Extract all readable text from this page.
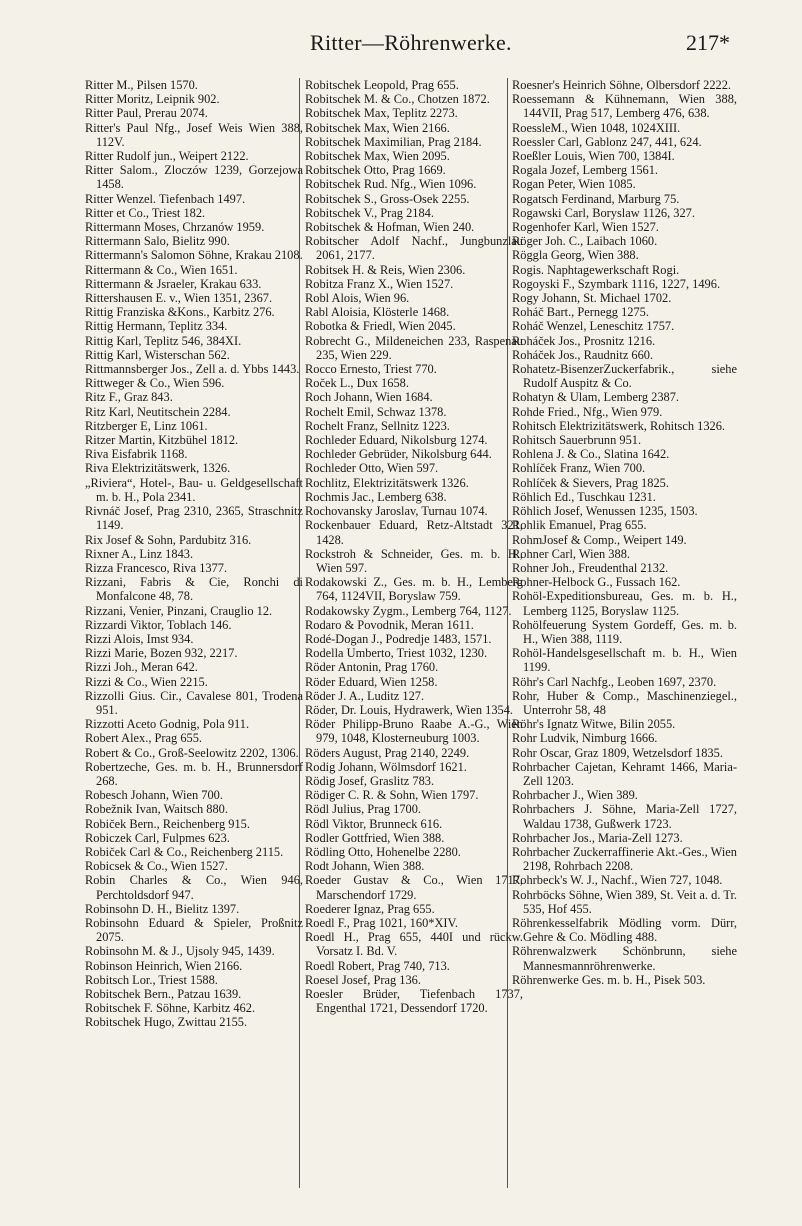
Ritter—Röhrenwerke.	217*

Ritter M., Pilsen 1570.

Ritter Moritz, Leipnik 902.

Ritter Paul, Prerau 2074.

Ritter's Paul Nfg., Josef Weis Wien 388, 112V.

Ritter Rudolf jun., Weipert 2122.

Ritter Salom., Zloczów 1239, Gorzejowa 1458.

Ritter Wenzel. Tiefenbach 1497.

Ritter et Co., Triest 182.

Rittermann Moses, Chrzanów 1959.

Rittermann Salo, Bielitz 990.

Rittermann's Salomon Söhne, Krakau 2108.

Rittermann & Co., Wien 1651.

Rittermann & Jsraeler, Krakau 633.

Rittershausen E. v., Wien 1351, 2367.

Rittig Franziska &Kons., Karbitz 276.

Rittig Hermann, Teplitz 334.

Rittig Karl, Teplitz 546, 384XI.

Rittig Karl, Wisterschan 562.

Rittmannsberger Jos., Zell a. d. Ybbs 1443.

Rittweger & Co., Wien 596.

Ritz F., Graz 843.

Ritz Karl, Neutitschein 2284.

Ritzberger E, Linz 1061.

Ritzer Martin, Kitzbühel 1812.

Riva Eisfabrik 1168.

Riva Elektrizitätswerk, 1326.

„Riviera“, Hotel-, Bau- u. Geldgesellschaft m. b. H., Pola 2341.

Rivnáč Josef, Prag 2310, 2365, Straschnitz 1149.

Rix Josef & Sohn, Pardubitz 316.

Rixner A., Linz 1843.

Rizza Francesco, Riva 1377.

Rizzani, Fabris & Cie, Ronchi di Monfalcone 48, 78.

Rizzani, Venier, Pinzani, Crauglio 12.

Rizzardi Viktor, Toblach 146.

Rizzi Alois, Imst 934.

Rizzi Marie, Bozen 932, 2217.

Rizzi Joh., Meran 642.

Rizzi & Co., Wien 2215.

Rizzolli Gius. Cir., Cavalese 801, Trodena 951.

Rizzotti Aceto Godnig, Pola 911.

Robert Alex., Prag 655.

Robert & Co., Groß-Seelowitz 2202, 1306.

Robertzeche, Ges. m. b. H., Brunnersdorf 268.

Robesch Johann, Wien 700.

Robežnik Ivan, Waitsch 880.

Robiček Bern., Reichenberg 915.

Robiczek Carl, Fulpmes 623.

Robiček Carl & Co., Reichenberg 2115.

Robicsek & Co., Wien 1527.

Robin Charles & Co., Wien 946, Perchtoldsdorf 947.

Robinsohn D. H., Bielitz 1397.

Robinsohn Eduard & Spieler, Proßnitz 2075.

Robinsohn M. & J., Ujsoly 945, 1439.

Robinson Heinrich, Wien 2166.

Robitsch Lor., Triest 1588.

Robitschek Bern., Patzau 1639.

Robitschek F. Söhne, Karbitz 462.

Robitschek Hugo, Zwittau 2155.

Robitschek Leopold, Prag 655.

Robitschek M. & Co., Chotzen 1872.

Robitschek Max, Teplitz 2273.

Robitschek Max, Wien 2166.

Robitschek Maximilian, Prag 2184.

Robitschek Max, Wien 2095.

Robitschek Otto, Prag 1669.

Robitschek Rud. Nfg., Wien 1096.

Robitschek S., Gross-Osek 2255.

Robitschek V., Prag 2184.

Robitschek & Hofman, Wien 240.

Robitscher Adolf Nachf., Jungbunzlau 2061, 2177.

Robitsek H. & Reis, Wien 2306.

Robitza Franz X., Wien 1527.

Robl Alois, Wien 96.

Rabl Aloisia, Klösterle 1468.

Robotka & Friedl, Wien 2045.

Robrecht G., Mildeneichen 233, Raspenau 235, Wien 229.

Rocco Ernesto, Triest 770.

Roček L., Dux 1658.

Roch Johann, Wien 1684.

Rochelt Emil, Schwaz 1378.

Rochelt Franz, Sellnitz 1223.

Rochleder Eduard, Nikolsburg 1274.

Rochleder Gebrüder, Nikolsburg 644.

Rochleder Otto, Wien 597.

Rochlitz, Elektrizitätswerk 1326.

Rochmis Jac., Lemberg 638.

Rochovansky Jaroslav, Turnau 1074.

Rockenbauer Eduard, Retz-Altstadt 321, 1428.

Rockstroh & Schneider, Ges. m. b. H., Wien 597.

Rodakowski Z., Ges. m. b. H., Lemberg 764, 1124VII, Boryslaw 759.

Rodakowsky Zygm., Lemberg 764, 1127.

Rodaro & Povodnik, Meran 1611.

Rodé-Dogan J., Podredje 1483, 1571.

Rodella Umberto, Triest 1032, 1230.

Röder Antonin, Prag 1760.

Röder Eduard, Wien 1258.

Röder J. A., Luditz 127.

Röder, Dr. Louis, Hydrawerk, Wien 1354.

Röder Philipp-Bruno Raabe A.-G., Wien 979, 1048, Klosterneuburg 1003.

Röders August, Prag 2140, 2249.

Rodig Johann, Wölmsdorf 1621.

Rödig Josef, Graslitz 783.

Rödiger C. R. & Sohn, Wien 1797.

Rödl Julius, Prag 1700.

Rödl Viktor, Brunneck 616.

Rodler Gottfried, Wien 388.

Rödling Otto, Hohenelbe 2280.

Rodt Johann, Wien 388.

Roeder Gustav & Co., Wien 1717, Marschendorf 1729.

Roederer Ignaz, Prag 655.

Roedl F., Prag 1021, 160*XIV.

Roedl H., Prag 655, 440I und rückw. Vorsatz I. Bd. V.

Roedl Robert, Prag 740, 713.

Roesel Josef, Prag 136.

Roesler Brüder, Tiefenbach 1737, Engenthal 1721, Dessendorf 1720.

Roesner's Heinrich Söhne, Olbersdorf 2222.

Roessemann & Kühnemann, Wien 388, 144VII, Prag 517, Lemberg 476, 638.

RoessleM., Wien 1048, 1024XIII.

Roessler Carl, Gablonz 247, 441, 624.

Roeßler Louis, Wien 700, 1384I.

Rogala Jozef, Lemberg 1561.

Rogan Peter, Wien 1085.

Rogatsch Ferdinand, Marburg 75.

Rogawski Carl, Boryslaw 1126, 327.

Rogenhofer Karl, Wien 1527.

Röger Joh. C., Laibach 1060.

Röggla Georg, Wien 388.

Rogis. Naphtagewerkschaft Rogi.

Rogoyski F., Szymbark 1116, 1227, 1496.

Rogy Johann, St. Michael 1702.

Roháč Bart., Pernegg 1275.

Roháč Wenzel, Leneschitz 1757.

Roháček Jos., Prosnitz 1216.

Roháček Jos., Raudnitz 660.

Rohatetz-BisenzerZuckerfabrik., siehe Rudolf Auspitz & Co.

Rohatyn & Ulam, Lemberg 2387.

Rohde Fried., Nfg., Wien 979.

Rohitsch Elektrizitätswerk, Rohitsch 1326.

Rohitsch Sauerbrunn 951.

Rohlena J. & Co., Slatina 1642.

Rohlíček Franz, Wien 700.

Rohlíček & Sievers, Prag 1825.

Röhlich Ed., Tuschkau 1231.

Röhlich Josef, Wenussen 1235, 1503.

Rohlik Emanuel, Prag 655.

RohmJosef & Comp., Weipert 149.

Rohner Carl, Wien 388.

Rohner Joh., Freudenthal 2132.

Rohner-Helbock G., Fussach 162.

Rohöl-Expeditionsbureau, Ges. m. b. H., Lemberg 1125, Boryslaw 1125.

Rohölfeuerung System Gordeff, Ges. m. b. H., Wien 388, 1119.

Rohöl-Handelsgesellschaft m. b. H., Wien 1199.

Röhr's Carl Nachfg., Leoben 1697, 2370.

Rohr, Huber & Comp., Maschinenziegel., Unterrohr 58, 48

Röhr's Ignatz Witwe, Bilin 2055.

Rohr Ludvik, Nimburg 1666.

Rohr Oscar, Graz 1809, Wetzelsdorf 1835.

Rohrbacher Cajetan, Kehramt 1466, Maria-Zell 1203.

Rohrbacher J., Wien 389.

Rohrbachers J. Söhne, Maria-Zell 1727, Waldau 1738, Gußwerk 1723.

Rohrbacher Jos., Maria-Zell 1273.

Rohrbacher Zuckerraffinerie Akt.-Ges., Wien 2198, Rohrbach 2208.

Rohrbeck's W. J., Nachf., Wien 727, 1048.

Rohrböcks Söhne, Wien 389, St. Veit a. d. Tr. 535, Hof 455.

Röhrenkesselfabrik Mödling vorm. Dürr, Gehre & Co. Mödling 488.

Röhrenwalzwerk Schönbrunn, siehe Mannesmannröhrenwerke.

Röhrenwerke Ges. m. b. H., Pisek 503.
